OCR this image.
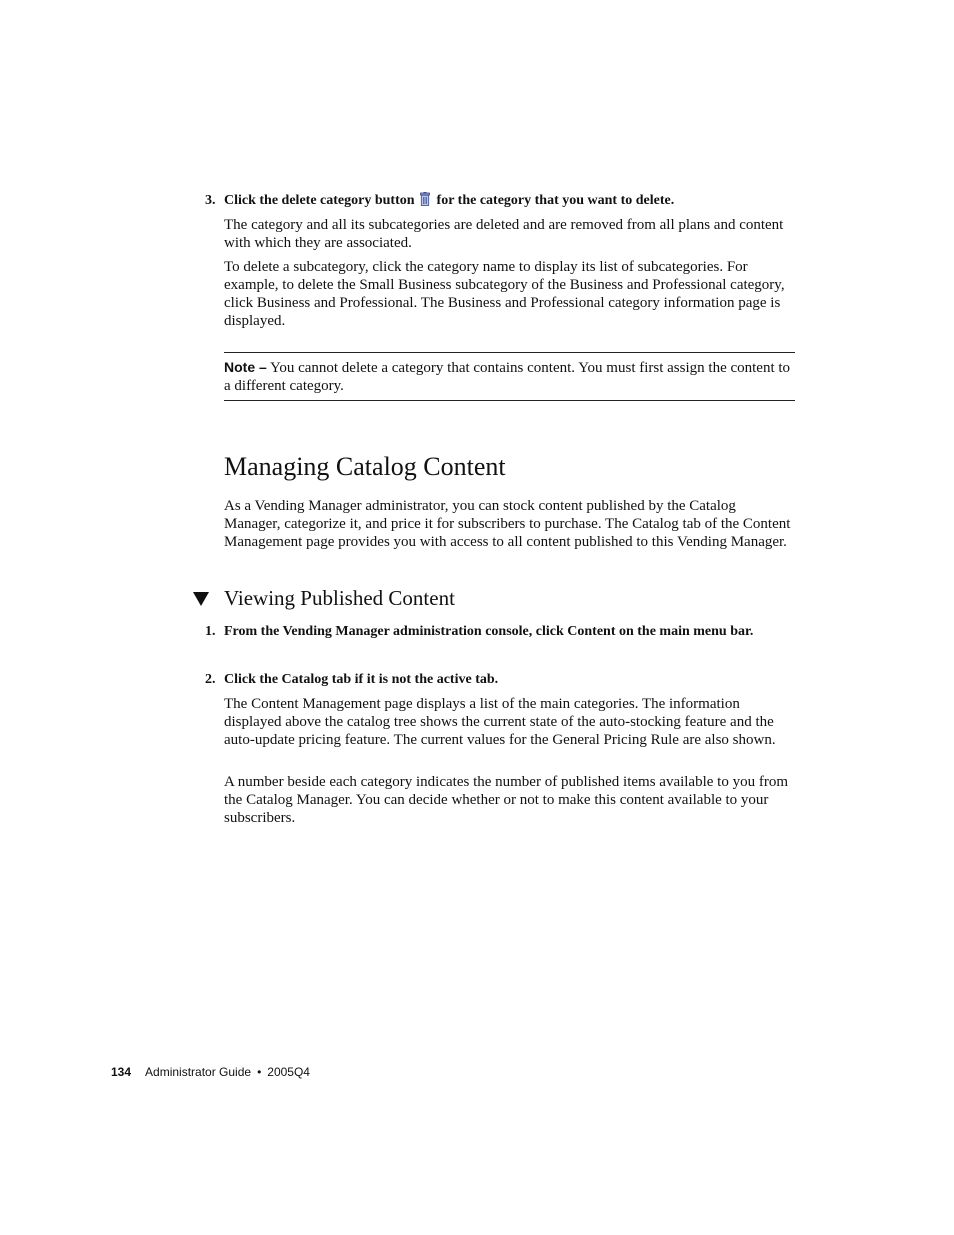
3. Click the delete category button for the category that you want to delete.
The category and all its subcategories are deleted and are removed from all plans and content with which they are associated.
To delete a subcategory, click the category name to display its list of subcategories. For example, to delete the Small Business subcategory of the Business and Professional category, click Business and Professional. The Business and Professional category information page is displayed.
Note – You cannot delete a category that contains content. You must first assign the content to a different category.
Managing Catalog Content
As a Vending Manager administrator, you can stock content published by the Catalog Manager, categorize it, and price it for subscribers to purchase. The Catalog tab of the Content Management page provides you with access to all content published to this Vending Manager.
Viewing Published Content
1. From the Vending Manager administration console, click Content on the main menu bar.
2. Click the Catalog tab if it is not the active tab.
The Content Management page displays a list of the main categories. The information displayed above the catalog tree shows the current state of the auto-stocking feature and the auto-update pricing feature. The current values for the General Pricing Rule are also shown.
A number beside each category indicates the number of published items available to you from the Catalog Manager. You can decide whether or not to make this content available to your subscribers.
134 Administrator Guide • 2005Q4
